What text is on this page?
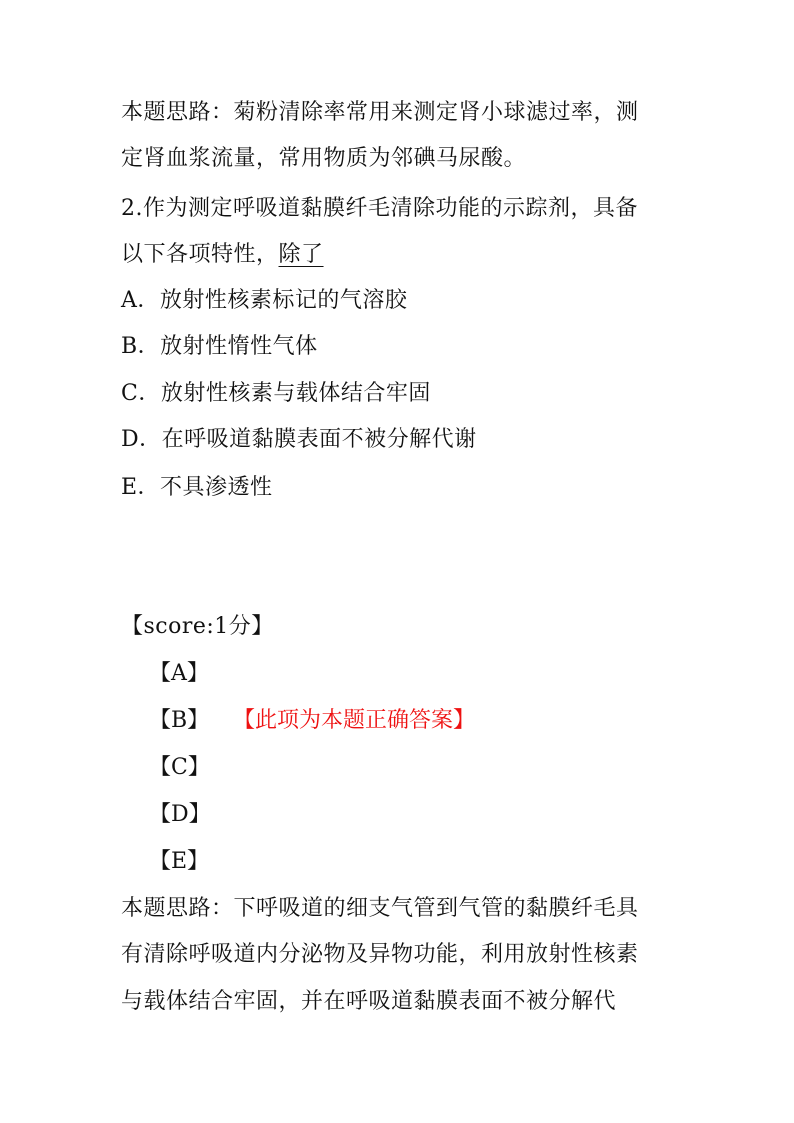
本题思路：菊粉清除率常用来测定肾小球滤过率，测
定肾血浆流量，常用物质为邻碘马尿酸。
2.作为测定呼吸道黏膜纤毛清除功能的示踪剂，具备
以下各项特性，除了
A．放射性核素标记的气溶胶
B．放射性惰性气体
C．放射性核素与载体结合牢固
D．在呼吸道黏膜表面不被分解代谢
E．不具渗透性
【score:1分】
【A】
【B】 【此项为本题正确答案】
【C】
【D】
【E】
本题思路：下呼吸道的细支气管到气管的黏膜纤毛具
有清除呼吸道内分泌物及异物功能，利用放射性核素
与载体结合牢固，并在呼吸道黏膜表面不被分解代
